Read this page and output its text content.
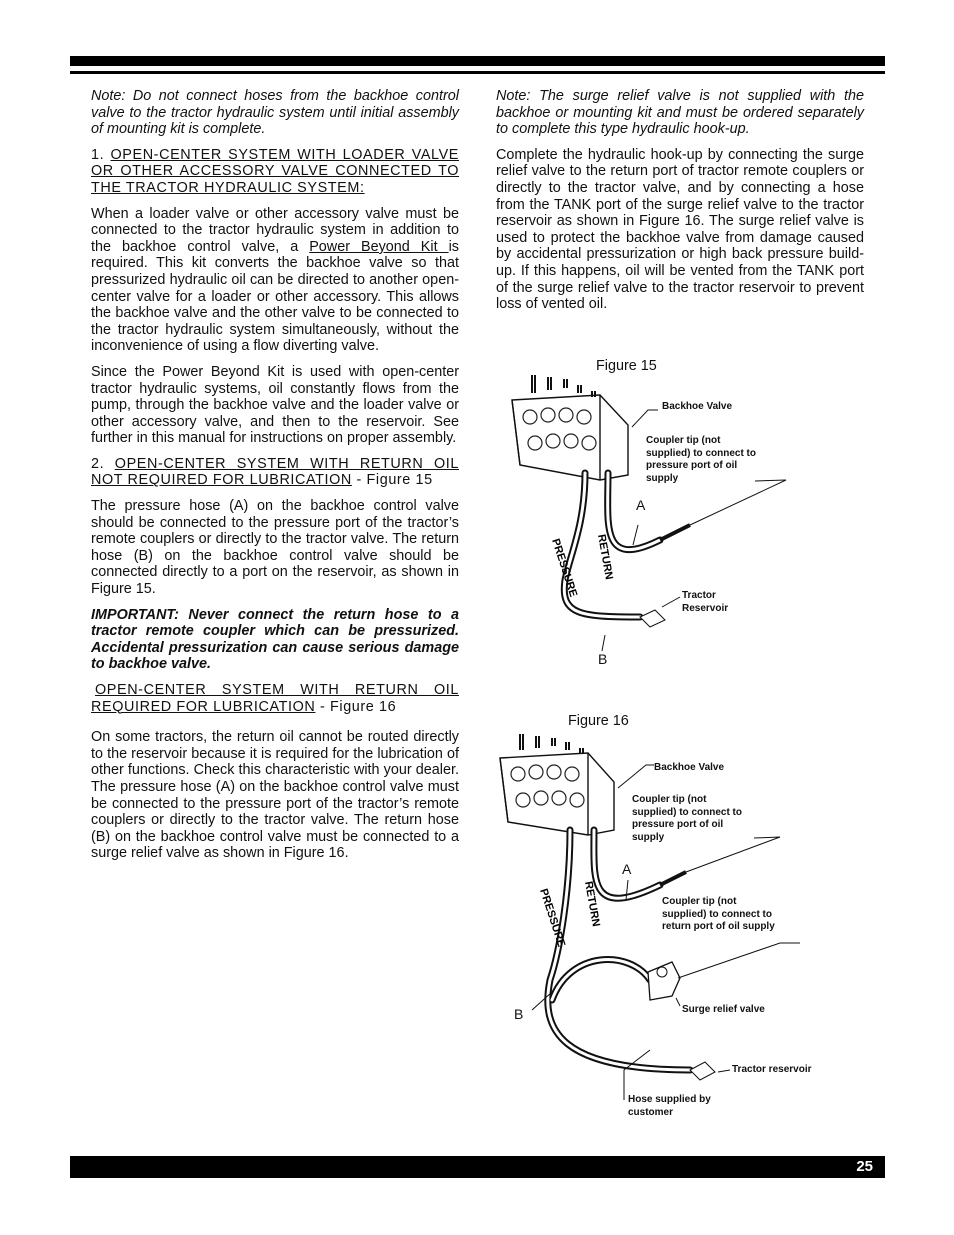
Note: Do not connect hoses from the backhoe control valve to the tractor hydraulic system until initial assembly of mounting kit is complete.

1. OPEN-CENTER SYSTEM WITH LOADER VALVE OR OTHER ACCESSORY VALVE CONNECTED TO THE TRACTOR HYDRAULIC SYSTEM:

When a loader valve or other accessory valve must be connected to the tractor hydraulic system in addition to the backhoe control valve, a Power Beyond Kit is required. This kit converts the backhoe valve so that pressurized hydraulic oil can be directed to another open-center valve for a loader or other accessory. This allows the backhoe valve and the other valve to be connected to the tractor hydraulic system simultaneously, without the inconvenience of using a flow diverting valve.

Since the Power Beyond Kit is used with open-center tractor hydraulic systems, oil constantly flows from the pump, through the backhoe valve and the loader valve or other accessory valve, and then to the reservoir. See further in this manual for instructions on proper assembly.

2. OPEN-CENTER SYSTEM WITH RETURN OIL NOT REQUIRED FOR LUBRICATION - Figure 15

The pressure hose (A) on the backhoe control valve should be connected to the pressure port of the tractor’s remote couplers or directly to the tractor valve. The return hose (B) on the backhoe control valve should be connected directly to a port on the reservoir, as shown in Figure 15.

IMPORTANT: Never connect the return hose to a tractor remote coupler which can be pressurized. Accidental pressurization can cause serious damage to backhoe valve.

OPEN-CENTER SYSTEM WITH RETURN OIL REQUIRED FOR LUBRICATION - Figure 16

On some tractors, the return oil cannot be routed directly to the reservoir because it is required for the lubrication of other functions. Check this characteristic with your dealer. The pressure hose (A) on the backhoe control valve must be connected to the pressure port of the tractor’s remote couplers or directly to the tractor valve. The return hose (B) on the backhoe control valve must be connected to a surge relief valve as shown in Figure 16.

Note: The surge relief valve is not supplied with the backhoe or mounting kit and must be ordered separately to complete this type hydraulic hook-up.

Complete the hydraulic hook-up by connecting the surge relief valve to the return port of tractor remote couplers or directly to the tractor valve, and by connecting a hose from the TANK port of the surge relief valve to the tractor reservoir as shown in Figure 16. The surge relief valve is used to protect the backhoe valve from damage caused by accidental pressurization or high back pressure build-up. If this happens, oil will be vented from the TANK port of the surge relief valve to the tractor reservoir to prevent loss of vented oil.

Figure 15
PRESSURE RETURN
Backhoe Valve
Coupler tip (not supplied) to connect to pressure port of oil supply
A
B
Tractor Reservoir
Figure 16
PRESSURE RETURN
Backhoe Valve
Coupler tip (not supplied) to connect to pressure port of oil supply
A
Coupler tip (not supplied) to connect to return port of oil supply
B	Surge relief valve
Tractor reservoir
Hose supplied by customer
25
